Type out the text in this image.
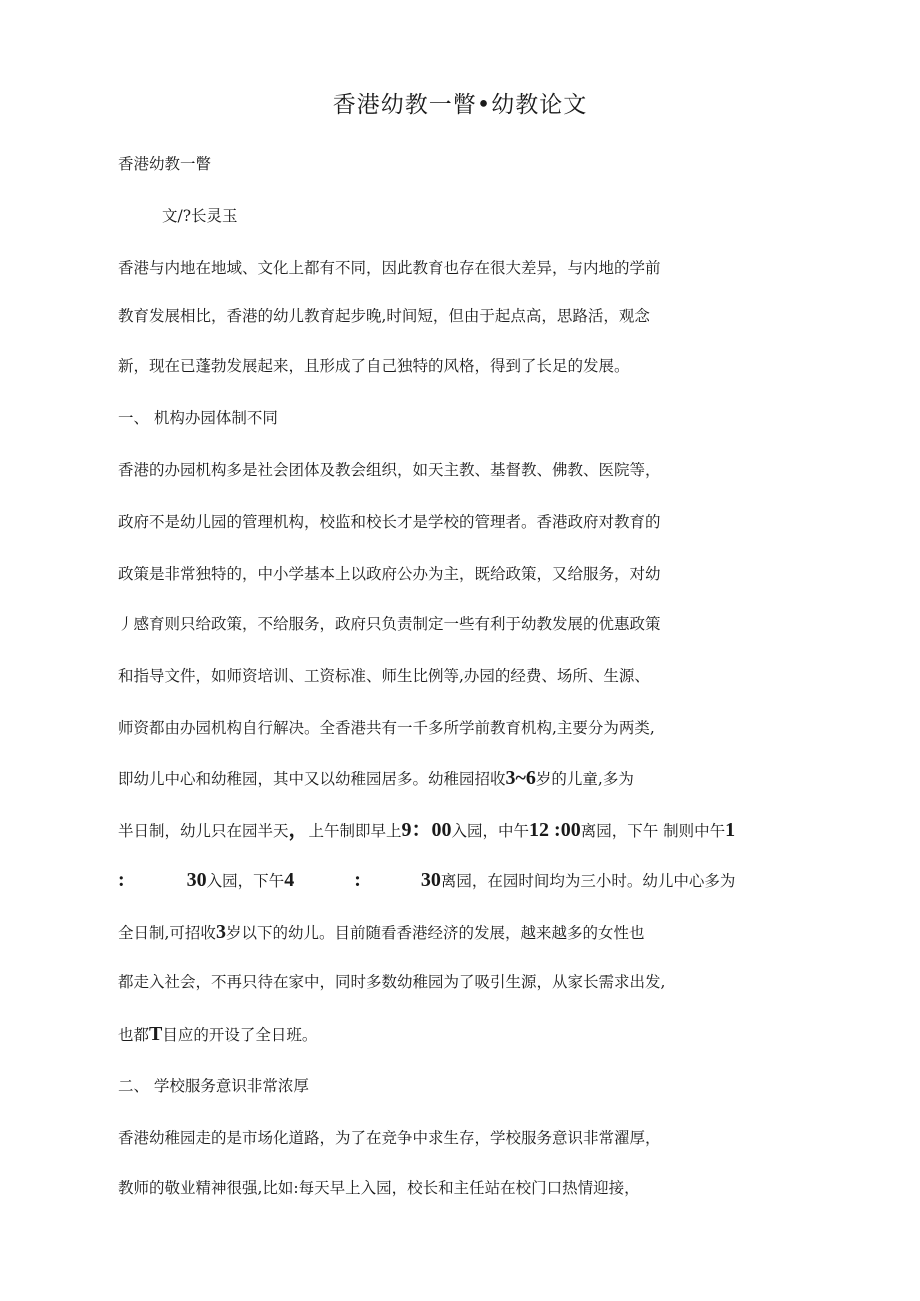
香港幼教一瞥•幼教论文
香港幼教一瞥
文/?长灵玉
香港与内地在地域、文化上都有不同，因此教育也存在很大差异，与内地的学前
教育发展相比，香港的幼儿教育起步晚,时间短，但由于起点高，思路活，观念
新，现在已蓬勃发展起来，且形成了自己独特的风格，得到了长足的发展。
一、 机构办园体制不同
香港的办园机构多是社会团体及教会组织，如天主教、基督教、佛教、医院等，
政府不是幼儿园的管理机构，校监和校长才是学校的管理者。香港政府对教育的
政策是非常独特的，中小学基本上以政府公办为主，既给政策，又给服务，对幼
丿感育则只给政策，不给服务，政府只负责制定一些有利于幼教发展的优惠政策
和指导文件，如师资培训、工资标准、师生比例等,办园的经费、场所、生源、
师资都由办园机构自行解决。全香港共有一千多所学前教育机构,主要分为两类,
即幼儿中心和幼稚园，其中又以幼稚园居多。幼稚园招收3~6岁的儿童,多为
半日制，幼儿只在园半天，上午制即早上9：00入园，中午12 :00离园，下午 制则中午1
:	30入园，下午4	:	30离园，在园时间均为三小时。幼儿中心多为
全日制,可招收3岁以下的幼儿。目前随看香港经济的发展，越来越多的女性也
都走入社会，不再只待在家中，同时多数幼稚园为了吸引生源，从家长需求出发,
也都T目应的开设了全日班。
二、 学校服务意识非常浓厚
香港幼稚园走的是市场化道路，为了在竞争中求生存，学校服务意识非常濯厚，
教师的敬业精神很强,比如:每天早上入园，校长和主任站在校门口热情迎接，
